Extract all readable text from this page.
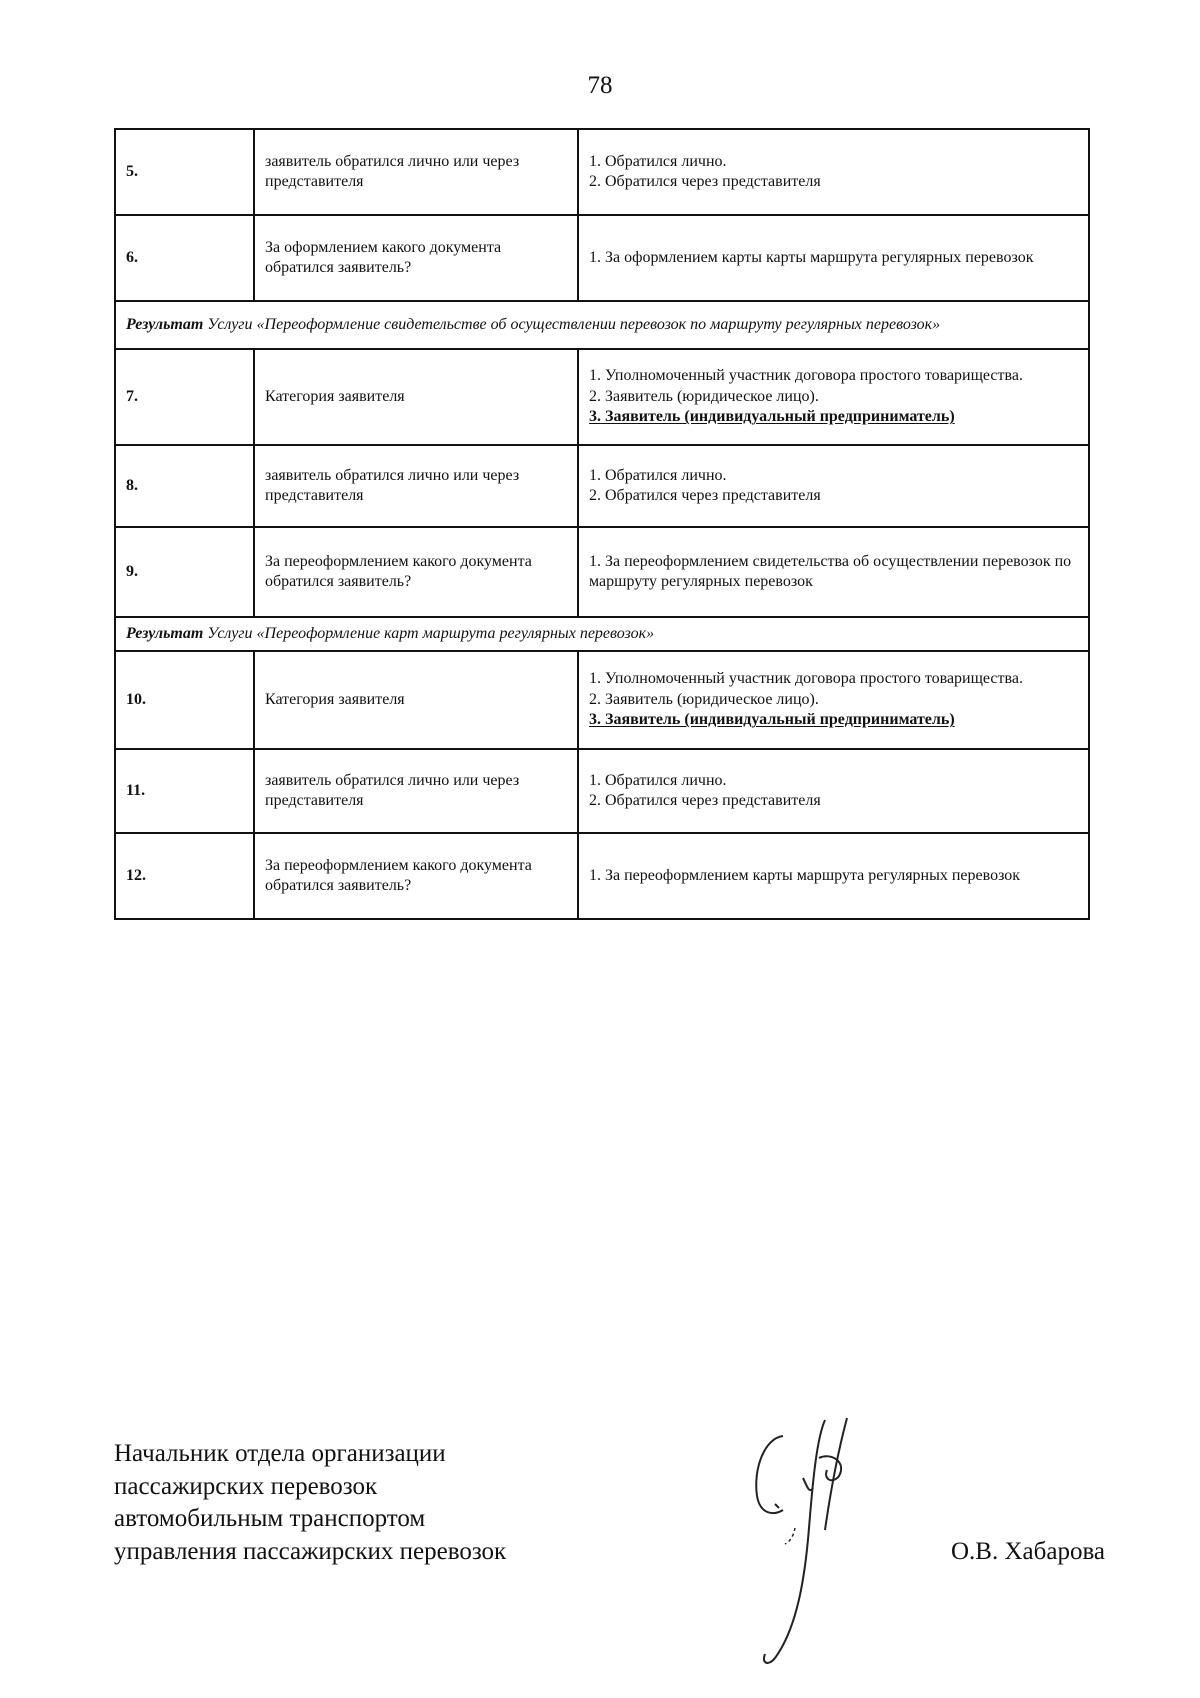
78
5.	заявитель обратился лично или через представителя	1. Обратился лично.
2. Обратился через представителя

6.	За оформлением какого документа обратился заявитель?	1. За оформлением карты карты маршрута регулярных перевозок

Результат Услуги «Переоформление свидетельстве об осуществлении перевозок по маршруту регулярных перевозок»		
7.	Категория заявителя	1. Уполномоченный участник договора простого товарищества.
2. Заявитель (юридическое лицо).
3. Заявитель (индивидуальный предприниматель)

8.	заявитель обратился лично или через представителя	1. Обратился лично.
2. Обратился через представителя

9.	За переоформлением какого документа обратился заявитель?	1. За переоформлением свидетельства об осуществлении перевозок по маршруту регулярных перевозок

Результат Услуги «Переоформление карт маршрута регулярных перевозок»		
10.	Категория заявителя	1. Уполномоченный участник договора простого товарищества.
2. Заявитель (юридическое лицо).
3. Заявитель (индивидуальный предприниматель)

11.	заявитель обратился лично или через представителя	1. Обратился лично.
2. Обратился через представителя

12.	За переоформлением какого документа обратился заявитель?	1. За переоформлением карты маршрута регулярных перевозок
Начальник отдела организации
пассажирских перевозок
автомобильным транспортом
управления пассажирских перевозок	О.В. Хабарова
